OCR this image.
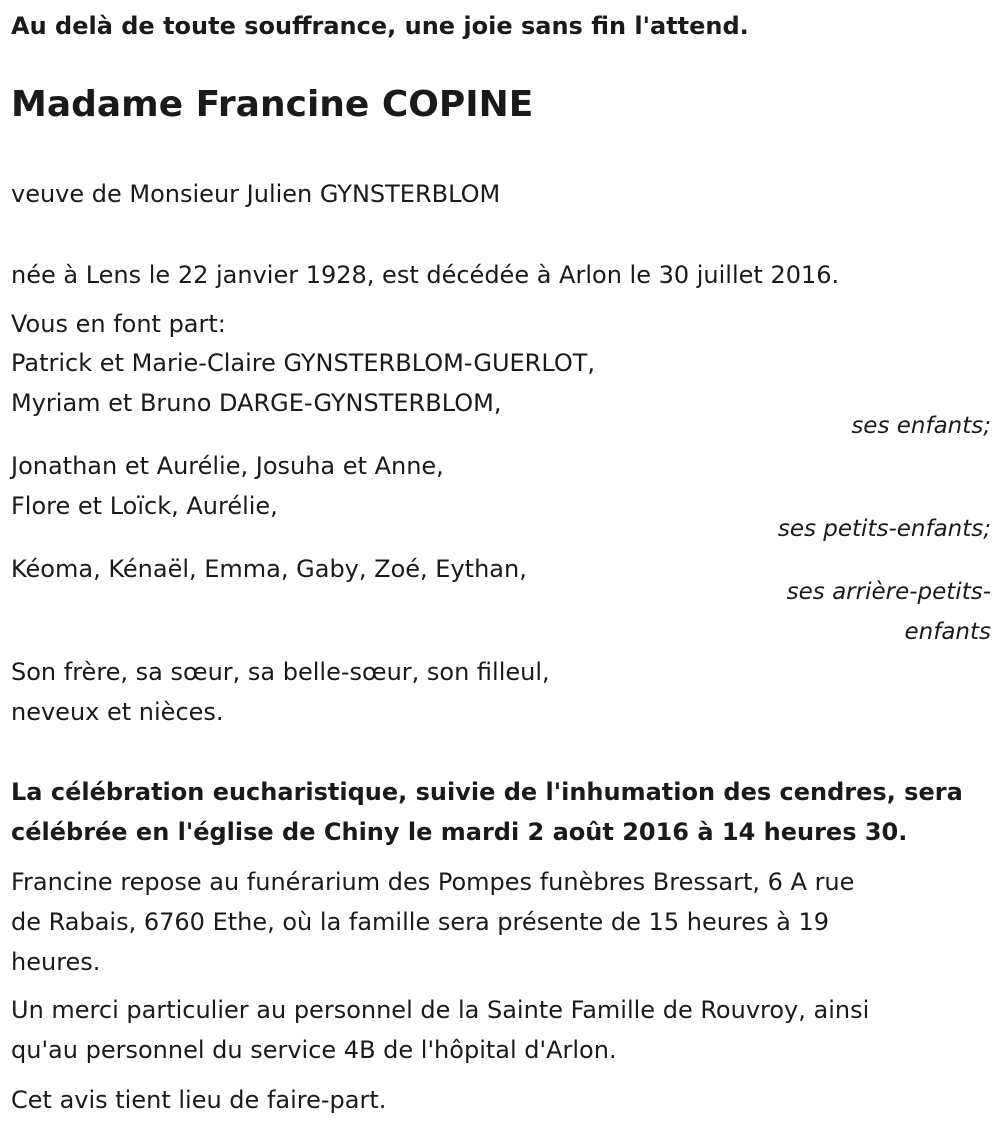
Au delà de toute souffrance, une joie sans fin l'attend.
Madame Francine COPINE
veuve de Monsieur Julien GYNSTERBLOM
née à Lens le 22 janvier 1928, est décédée à Arlon le 30 juillet 2016.
Vous en font part:
Patrick et Marie-Claire GYNSTERBLOM-GUERLOT,
Myriam et Bruno DARGE-GYNSTERBLOM,
ses enfants;
Jonathan et Aurélie, Josuha et Anne,
Flore et Loïck, Aurélie,
ses petits-enfants;
Kéoma, Kénaël, Emma, Gaby, Zoé, Eythan,
ses arrière-petits-
enfants
Son frère, sa sœur, sa belle-sœur, son filleul,
neveux et nièces.
La célébration eucharistique, suivie de l'inhumation des cendres, sera
célébrée en l'église de Chiny le mardi 2 août 2016 à 14 heures 30.
Francine repose au funérarium des Pompes funèbres Bressart, 6 A rue
de Rabais, 6760 Ethe, où la famille sera présente de 15 heures à 19
heures.
Un merci particulier au personnel de la Sainte Famille de Rouvroy, ainsi
qu'au personnel du service 4B de l'hôpital d'Arlon.
Cet avis tient lieu de faire-part.
